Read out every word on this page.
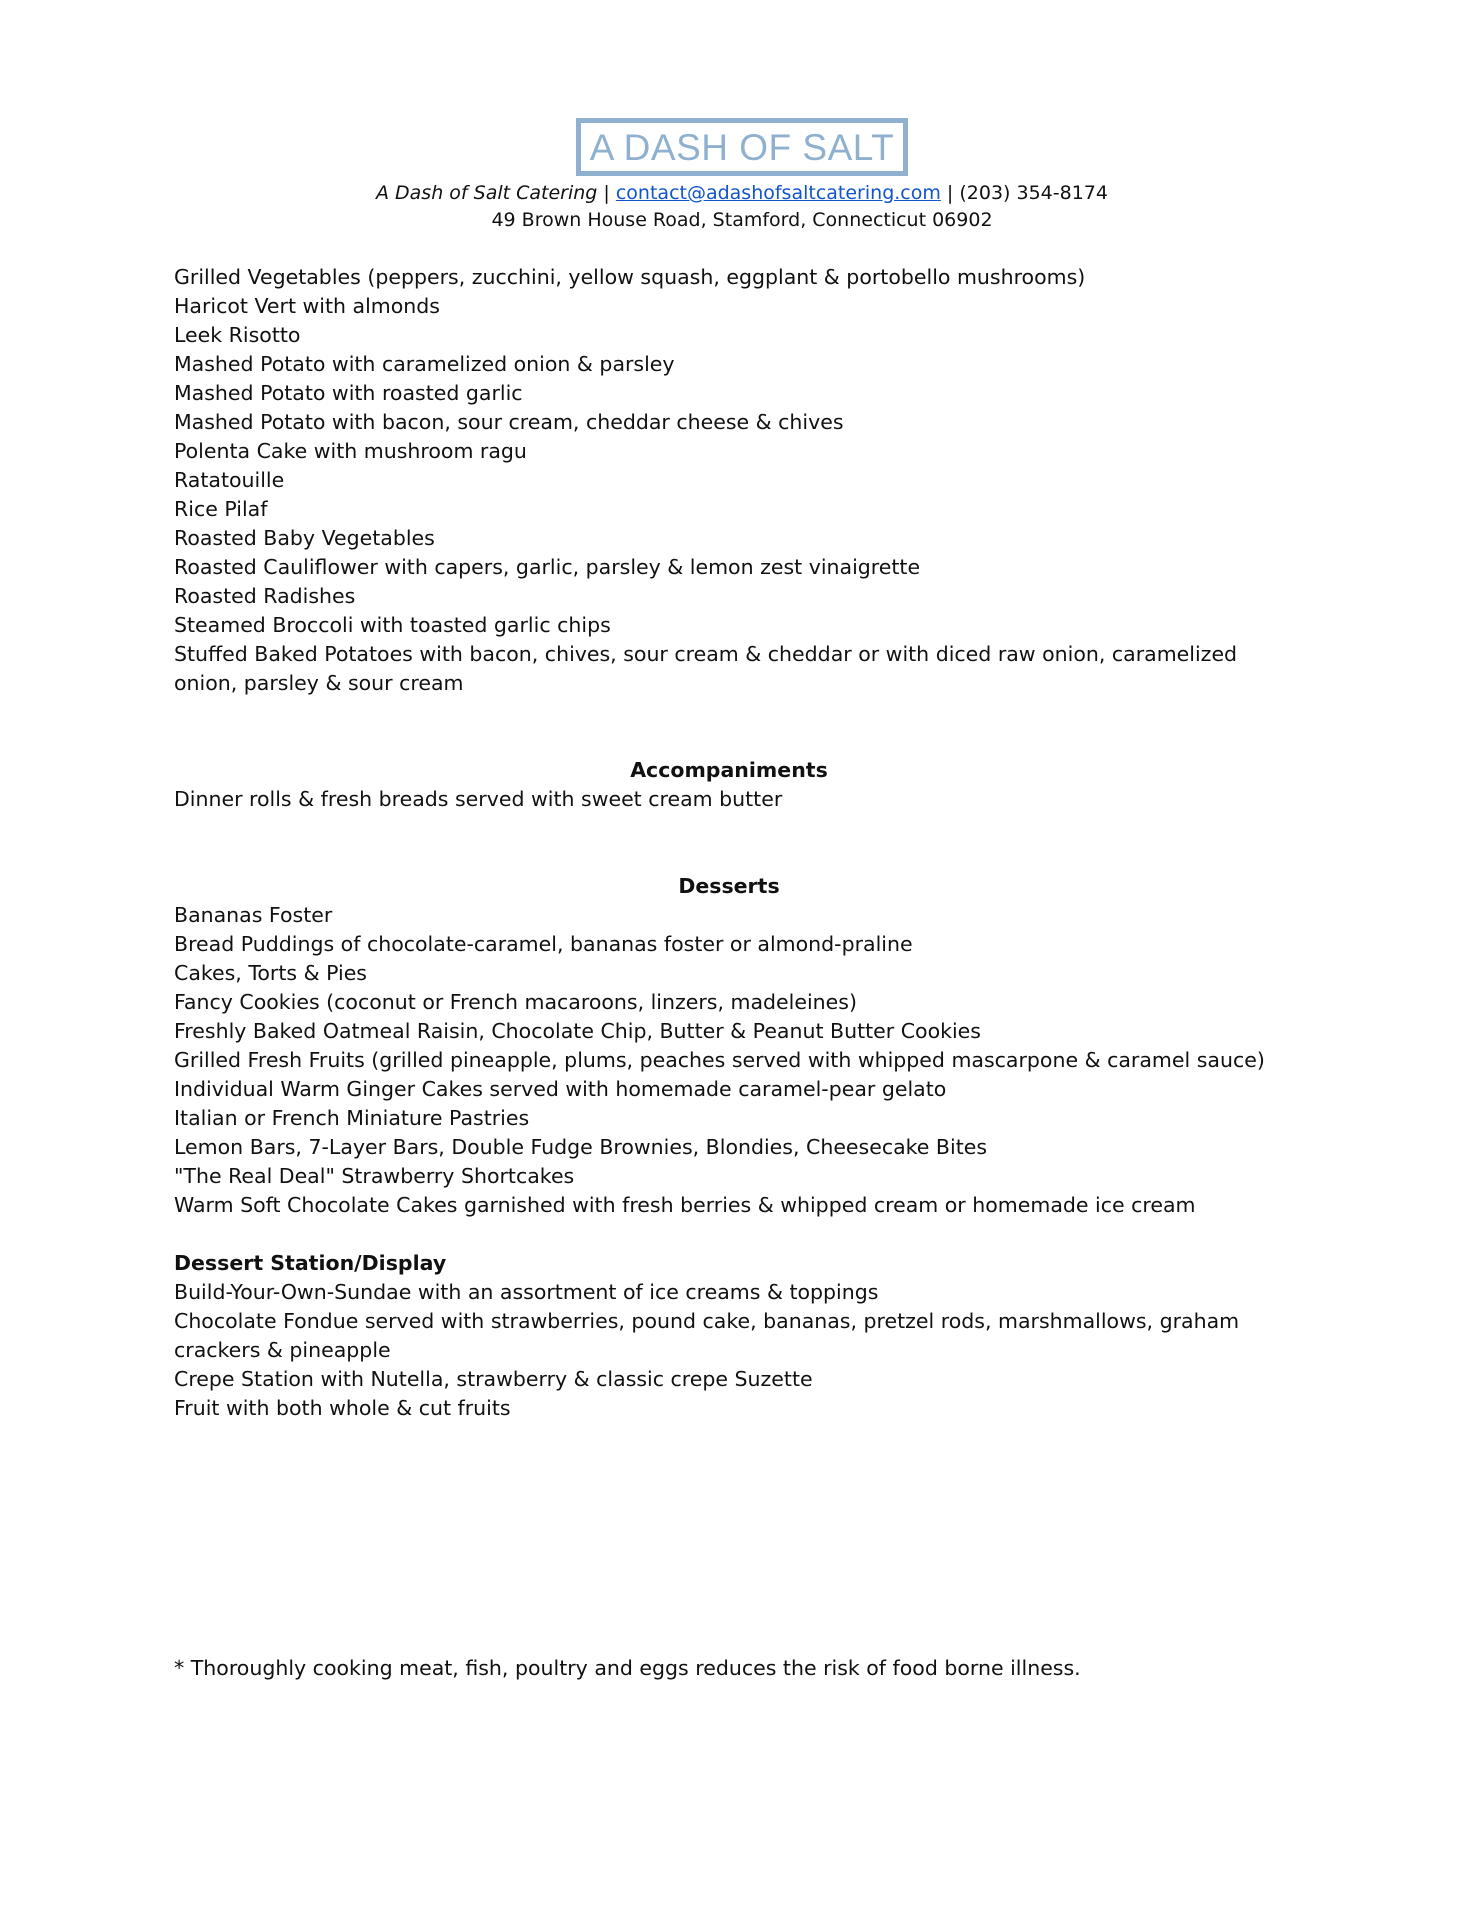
A DASH OF SALT
A Dash of Salt Catering | contact@adashofsaltcatering.com | (203) 354-8174
49 Brown House Road, Stamford, Connecticut 06902

Grilled Vegetables (peppers, zucchini, yellow squash, eggplant & portobello mushrooms)

Haricot Vert with almonds

Leek Risotto

Mashed Potato with caramelized onion & parsley

Mashed Potato with roasted garlic

Mashed Potato with bacon, sour cream, cheddar cheese & chives

Polenta Cake with mushroom ragu

Ratatouille

Rice Pilaf

Roasted Baby Vegetables

Roasted Cauliflower with capers, garlic, parsley & lemon zest vinaigrette

Roasted Radishes

Steamed Broccoli with toasted garlic chips

Stuffed Baked Potatoes with bacon, chives, sour cream & cheddar or with diced raw onion, caramelized onion, parsley & sour cream

Accompaniments

Dinner rolls & fresh breads served with sweet cream butter

Desserts

Bananas Foster

Bread Puddings of chocolate-caramel, bananas foster or almond-praline

Cakes, Torts & Pies

Fancy Cookies (coconut or French macaroons, linzers, madeleines)

Freshly Baked Oatmeal Raisin, Chocolate Chip, Butter & Peanut Butter Cookies

Grilled Fresh Fruits (grilled pineapple, plums, peaches served with whipped mascarpone & caramel sauce)

Individual Warm Ginger Cakes served with homemade caramel-pear gelato

Italian or French Miniature Pastries

Lemon Bars, 7-Layer Bars, Double Fudge Brownies, Blondies, Cheesecake Bites

"The Real Deal" Strawberry Shortcakes

Warm Soft Chocolate Cakes garnished with fresh berries & whipped cream or homemade ice cream

Dessert Station/Display

Build-Your-Own-Sundae with an assortment of ice creams & toppings

Chocolate Fondue served with strawberries, pound cake, bananas, pretzel rods, marshmallows, graham crackers & pineapple

Crepe Station with Nutella, strawberry & classic crepe Suzette

Fruit with both whole & cut fruits

* Thoroughly cooking meat, fish, poultry and eggs reduces the risk of food borne illness.
